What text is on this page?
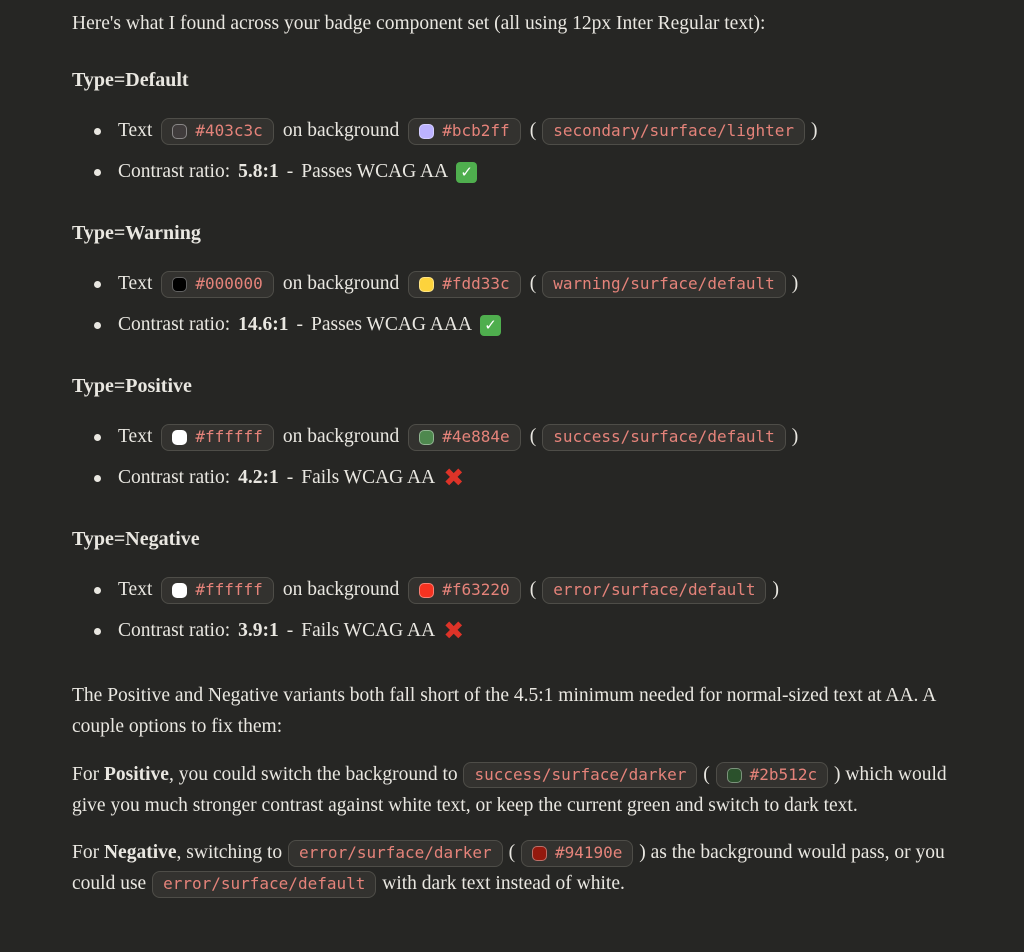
Here's what I found across your badge component set (all using 12px Inter Regular text):

Type=Default
Text	#403c3c on background	#bcb2ff ( secondary/surface/lighter )
Contrast ratio: 5.8:1 - Passes WCAG AA ✓
Type=Warning
Text	#000000 on background	#fdd33c ( warning/surface/default )
Contrast ratio: 14.6:1 - Passes WCAG AAA ✓
Type=Positive
Text	#ffffff on background	#4e884e ( success/surface/default )
Contrast ratio: 4.2:1 - Fails WCAG AA ✖
Type=Negative
Text	#ffffff on background	#f63220 ( error/surface/default )
Contrast ratio: 3.9:1 - Fails WCAG AA ✖

The Positive and Negative variants both fall short of the 4.5:1 minimum needed for normal-sized text at AA. A couple options to fix them:

For Positive, you could switch the background to success/surface/darker ( #2b512c ) which would give you much stronger contrast against white text, or keep the current green and switch to dark text.

For Negative, switching to error/surface/darker ( #94190e ) as the background would pass, or you could use error/surface/default with dark text instead of white.
